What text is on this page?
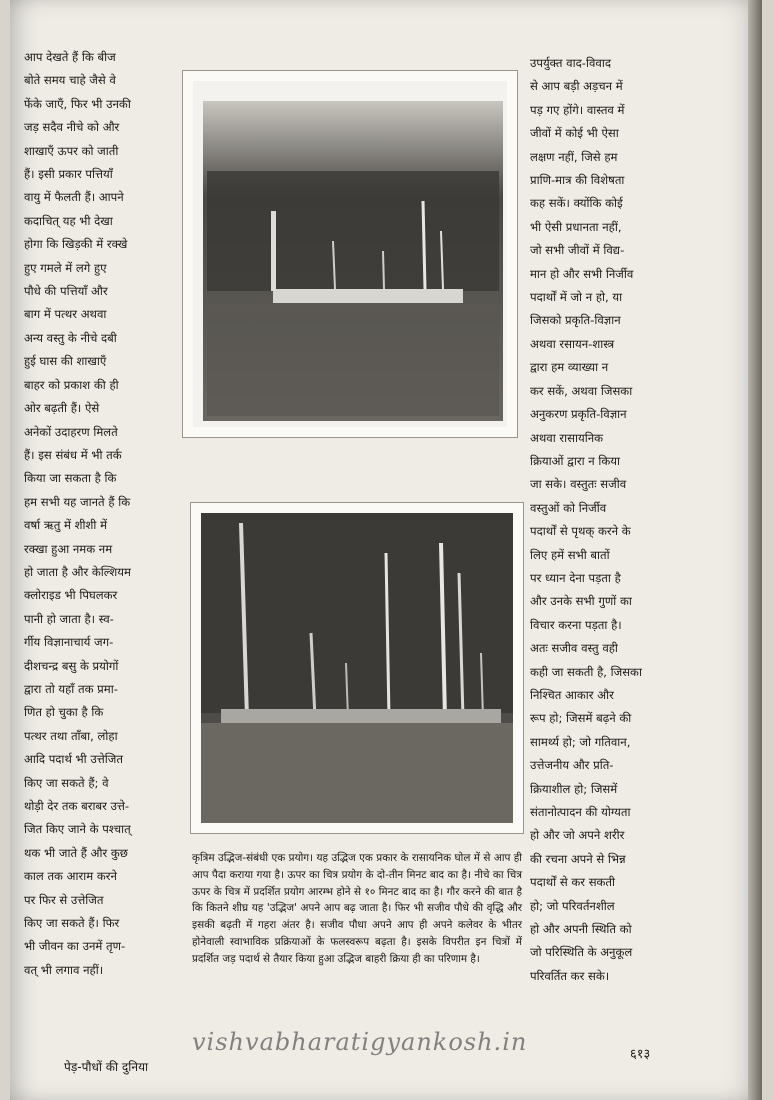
आप देखते हैं कि बीज

बोते समय चाहे जैसे वे

फेंके जाएँ, फिर भी उनकी

जड़ सदैव नीचे को और

शाखाएँ ऊपर को जाती

हैं। इसी प्रकार पत्तियाँ

वायु में फैलती हैं। आपने

कदाचित् यह भी देखा

होगा कि खिड़की में रक्खे

हुए गमले में लगे हुए

पौधे की पत्तियाँ और

बाग में पत्थर अथवा

अन्य वस्तु के नीचे दबी

हुई घास की शाखाएँ

बाहर को प्रकाश की ही

ओर बढ़ती हैं। ऐसे

अनेकों उदाहरण मिलते

हैं। इस संबंध में भी तर्क

किया जा सकता है कि

हम सभी यह जानते हैं कि

वर्षा ऋतु में शीशी में

रक्खा हुआ नमक नम

हो जाता है और केल्शियम

क्लोराइड भी पिघलकर

पानी हो जाता है। स्व-

र्गीय विज्ञानाचार्य जग-

दीशचन्द्र बसु के प्रयोगों

द्वारा तो यहाँ तक प्रमा-

णित हो चुका है कि

पत्थर तथा ताँबा, लोहा

आदि पदार्थ भी उत्तेजित

किए जा सकते हैं; वे

थोड़ी देर तक बराबर उत्ते-

जित किए जाने के पश्चात्

थक भी जाते हैं और कुछ

काल तक आराम करने

पर फिर से उत्तेजित

किए जा सकते हैं। फिर

भी जीवन का उनमें तृण-

वत् भी लगाव नहीं।

कृत्रिम उद्भिज-संबंधी एक प्रयोग। यह उद्भिज एक प्रकार के रासायनिक घोल में से आप ही आप पैदा कराया गया है। ऊपर का चित्र प्रयोग के दो-तीन मिनट बाद का है। नीचे का चित्र ऊपर के चित्र में प्रदर्शित प्रयोग आरम्भ होने से १० मिनट बाद का है। गौर करने की बात है कि कितने शीघ्र यह 'उद्भिज' अपने आप बढ़ जाता है। फिर भी सजीव पौधे की वृद्धि और इसकी बढ़ती में गहरा अंतर है। सजीव पौधा अपने आप ही अपने कलेवर के भीतर होनेवाली स्वाभाविक प्रक्रियाओं के फलस्वरूप बढ़ता है। इसके विपरीत इन चित्रों में प्रदर्शित जड़ पदार्थ से तैयार किया हुआ उद्भिज बाहरी क्रिया ही का परिणाम है।

उपर्युक्त वाद-विवाद

से आप बड़ी अड़चन में

पड़ गए होंगे। वास्तव में

जीवों में कोई भी ऐसा

लक्षण नहीं, जिसे हम

प्राणि-मात्र की विशेषता

कह सकें। क्योंकि कोई

भी ऐसी प्रधानता नहीं,

जो सभी जीवों में विद्य-

मान हो और सभी निर्जीव

पदार्थों में जो न हो, या

जिसको प्रकृति-विज्ञान

अथवा रसायन-शास्त्र

द्वारा हम व्याख्या न

कर सकें, अथवा जिसका

अनुकरण प्रकृति-विज्ञान

अथवा रासायनिक

क्रियाओं द्वारा न किया

जा सके। वस्तुतः सजीव

वस्तुओं को निर्जीव

पदार्थों से पृथक् करने के

लिए हमें सभी बातों

पर ध्यान देना पड़ता है

और उनके सभी गुणों का

विचार करना पड़ता है।

अतः सजीव वस्तु वही

कही जा सकती है, जिसका

निश्चित आकार और

रूप हो; जिसमें बढ़ने की

सामर्थ्य हो; जो गतिवान,

उत्तेजनीय और प्रति-

क्रियाशील हो; जिसमें

संतानोत्पादन की योग्यता

हो और जो अपने शरीर

की रचना अपने से भिन्न

पदार्थों से कर सकती

हो; जो परिवर्तनशील

हो और अपनी स्थिति को

जो परिस्थिति के अनुकूल

परिवर्तित कर सके।

पेड़-पौधों की दुनिया
vishvabharatigyankosh.in	६१३
